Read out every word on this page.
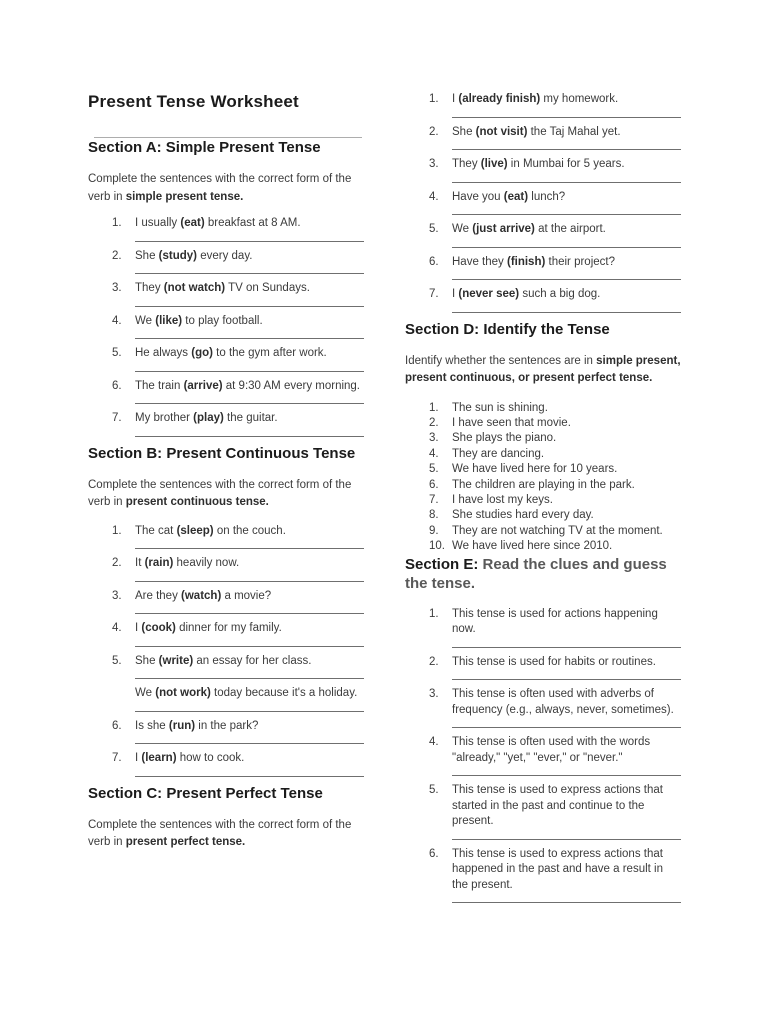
Present Tense Worksheet
Section A: Simple Present Tense

Complete the sentences with the correct form of the verb in simple present tense.

1.	I usually (eat) breakfast at 8 AM.
2.	She (study) every day.
3.	They (not watch) TV on Sundays.
4.	We (like) to play football.
5.	He always (go) to the gym after work.
6.	The train (arrive) at 9:30 AM every morning.
7.	My brother (play) the guitar.
Section B: Present Continuous Tense

Complete the sentences with the correct form of the verb in present continuous tense.

1.	The cat (sleep) on the couch.
2.	It (rain) heavily now.
3.	Are they (watch) a movie?
4.	I (cook) dinner for my family.
5.	She (write) an essay for her class.
We (not work) today because it's a holiday.
6.	Is she (run) in the park?
7.	I (learn) how to cook.
Section C: Present Perfect Tense

Complete the sentences with the correct form of the verb in present perfect tense.

1.	I (already finish) my homework.
2.	She (not visit) the Taj Mahal yet.
3.	They (live) in Mumbai for 5 years.
4.	Have you (eat) lunch?
5.	We (just arrive) at the airport.
6.	Have they (finish) their project?
7.	I (never see) such a big dog.
Section D: Identify the Tense

Identify whether the sentences are in simple present, present continuous, or present perfect tense.

1.	The sun is shining.
2.	I have seen that movie.
3.	She plays the piano.
4.	They are dancing.
5.	We have lived here for 10 years.
6.	The children are playing in the park.
7.	I have lost my keys.
8.	She studies hard every day.
9.	They are not watching TV at the moment.
10. We have lived here since 2010.
Section E: Read the clues and guess the tense.
1.	This tense is used for actions happening now.
2.	This tense is used for habits or routines.
3.	This tense is often used with adverbs of frequency (e.g., always, never, sometimes).
4.	This tense is often used with the words "already," "yet," "ever," or "never."
5.	This tense is used to express actions that started in the past and continue to the present.
6.	This tense is used to express actions that happened in the past and have a result in the present.
